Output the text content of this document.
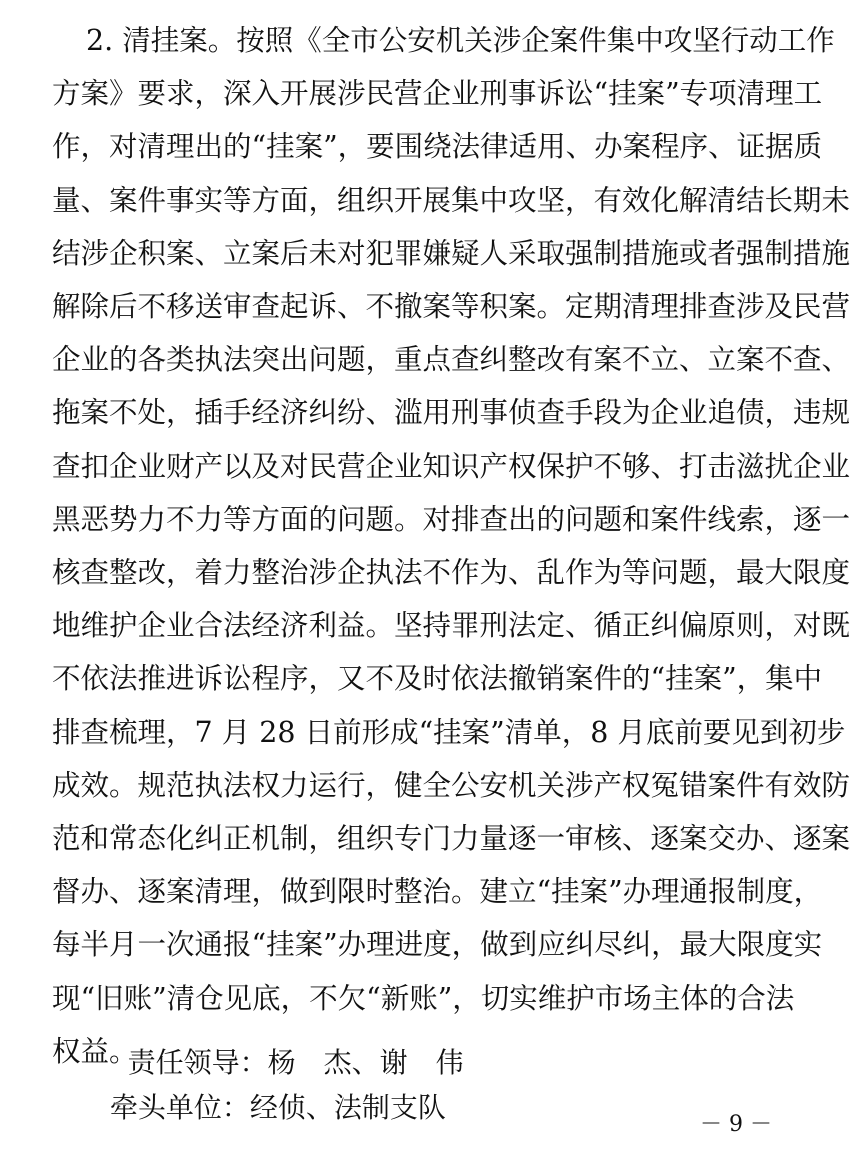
2. 清挂案。按照《全市公安机关涉企案件集中攻坚行动工作
方案》要求，深入开展涉民营企业刑事诉讼“挂案”专项清理工
作，对清理出的“挂案”，要围绕法律适用、办案程序、证据质
量、案件事实等方面，组织开展集中攻坚，有效化解清结长期未
结涉企积案、立案后未对犯罪嫌疑人采取强制措施或者强制措施
解除后不移送审查起诉、不撤案等积案。定期清理排查涉及民营
企业的各类执法突出问题，重点查纠整改有案不立、立案不查、
拖案不处，插手经济纠纷、滥用刑事侦查手段为企业追债，违规
查扣企业财产以及对民营企业知识产权保护不够、打击滋扰企业
黑恶势力不力等方面的问题。对排查出的问题和案件线索，逐一
核查整改，着力整治涉企执法不作为、乱作为等问题，最大限度
地维护企业合法经济利益。坚持罪刑法定、循正纠偏原则，对既
不依法推进诉讼程序，又不及时依法撤销案件的“挂案”，集中
排查梳理，7 月 28 日前形成“挂案”清单，8 月底前要见到初步
成效。规范执法权力运行，健全公安机关涉产权冤错案件有效防
范和常态化纠正机制，组织专门力量逐一审核、逐案交办、逐案
督办、逐案清理，做到限时整治。建立“挂案”办理通报制度，
每半月一次通报“挂案”办理进度，做到应纠尽纠，最大限度实
现“旧账”清仓见底，不欠“新账”，切实维护市场主体的合法
权益。

责任领导：杨　杰、谢　伟

牵头单位：经侦、法制支队

－ 9 －
